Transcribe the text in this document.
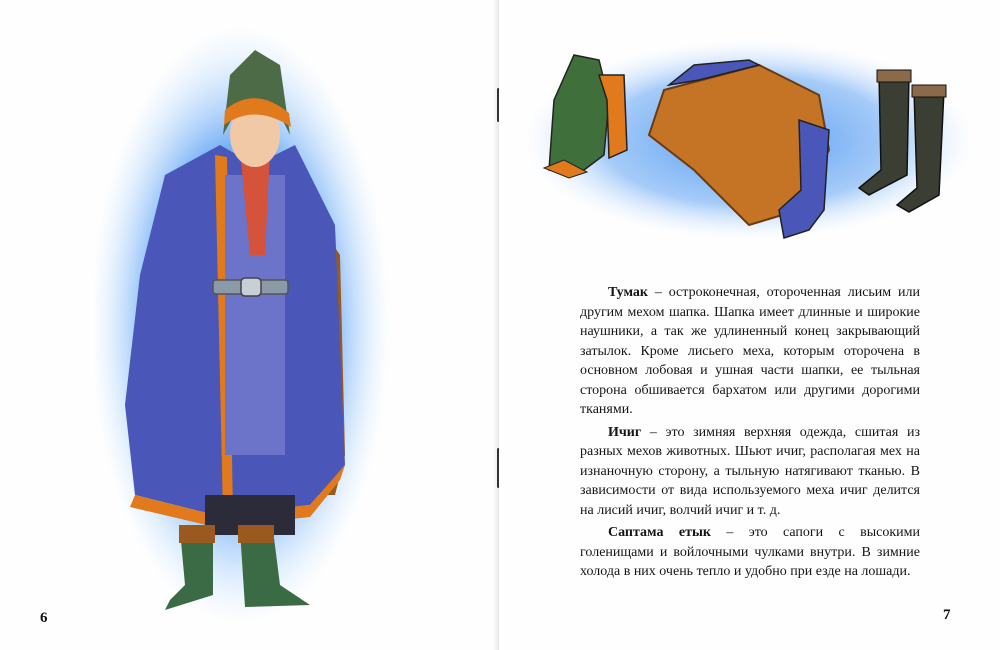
6	7

Тумак – остроконечная, отороченная лисьим или другим мехом шапка. Шапка имеет длинные и широкие наушники, а так же удлиненный конец закрывающий затылок. Кроме лисьего меха, которым оторочена в основном лобовая и ушная части шапки, ее тыльная сторона обшивается бархатом или другими дорогими тканями.

Ичиг – это зимняя верхняя одежда, сшитая из разных мехов животных. Шьют ичиг, располагая мех на изнаночную сторону, а тыльную натягивают тканью. В зависимости от вида используемого меха ичиг делится на лисий ичиг, волчий ичиг и т. д.

Саптама етык – это сапоги с высокими голенищами и войлочными чулками внутри. В зимние холода в них очень тепло и удобно при езде на лошади.
